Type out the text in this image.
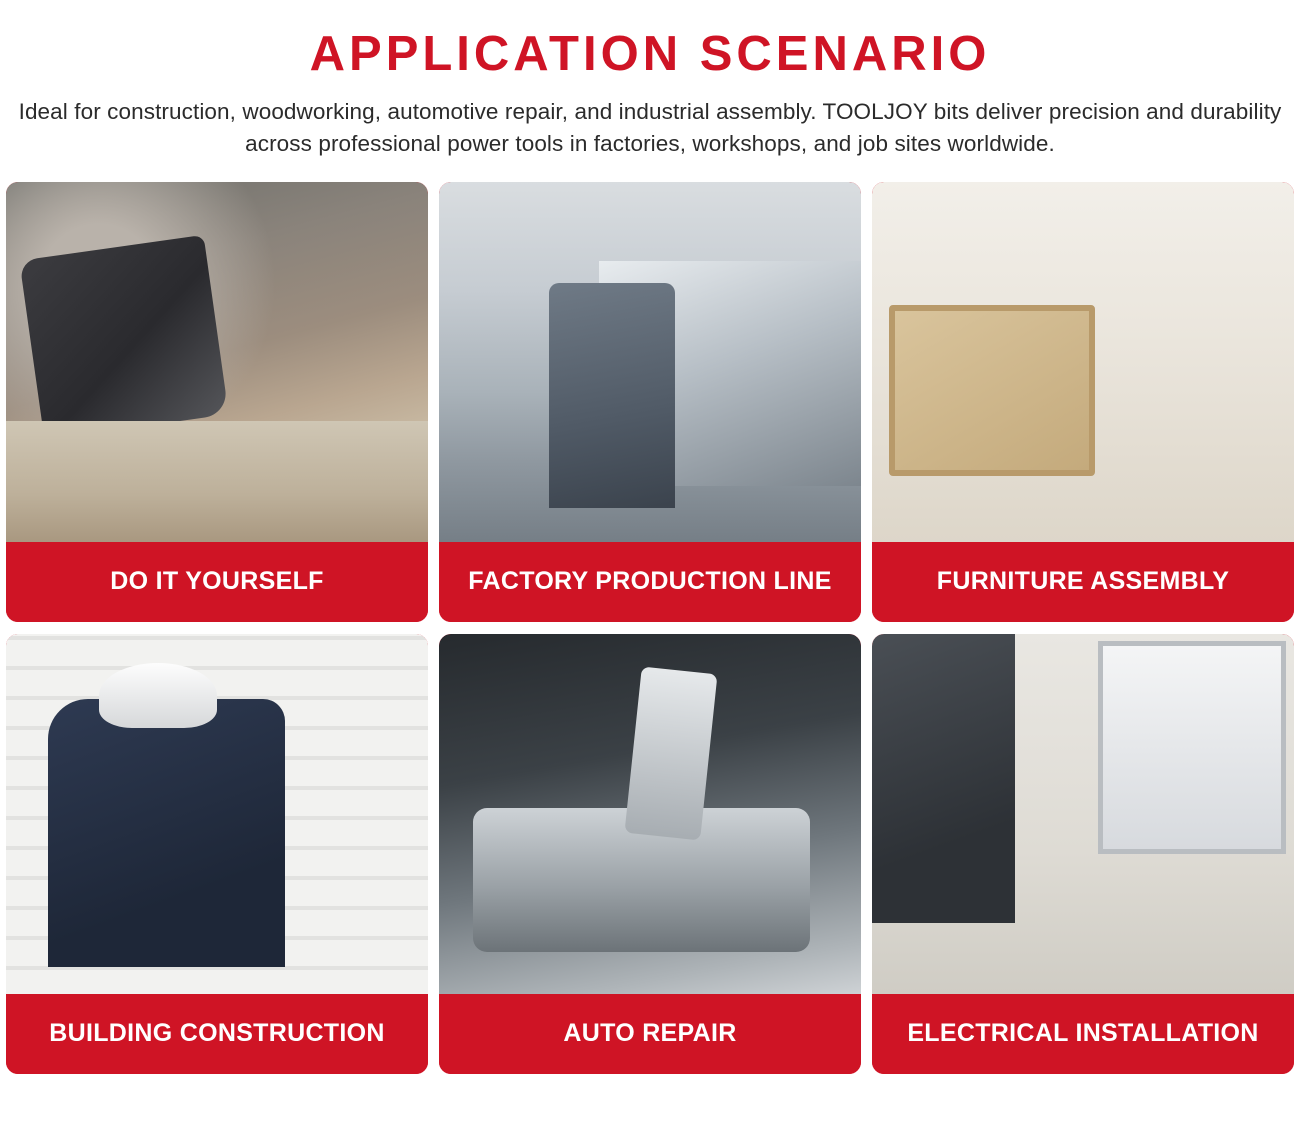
APPLICATION SCENARIO

Ideal for construction, woodworking, automotive repair, and industrial assembly. TOOLJOY bits deliver precision and durability across professional power tools in factories, workshops, and job sites worldwide.

DO IT YOURSELF	FACTORY PRODUCTION LINE	FURNITURE ASSEMBLY
BUILDING CONSTRUCTION	AUTO REPAIR	ELECTRICAL INSTALLATION
